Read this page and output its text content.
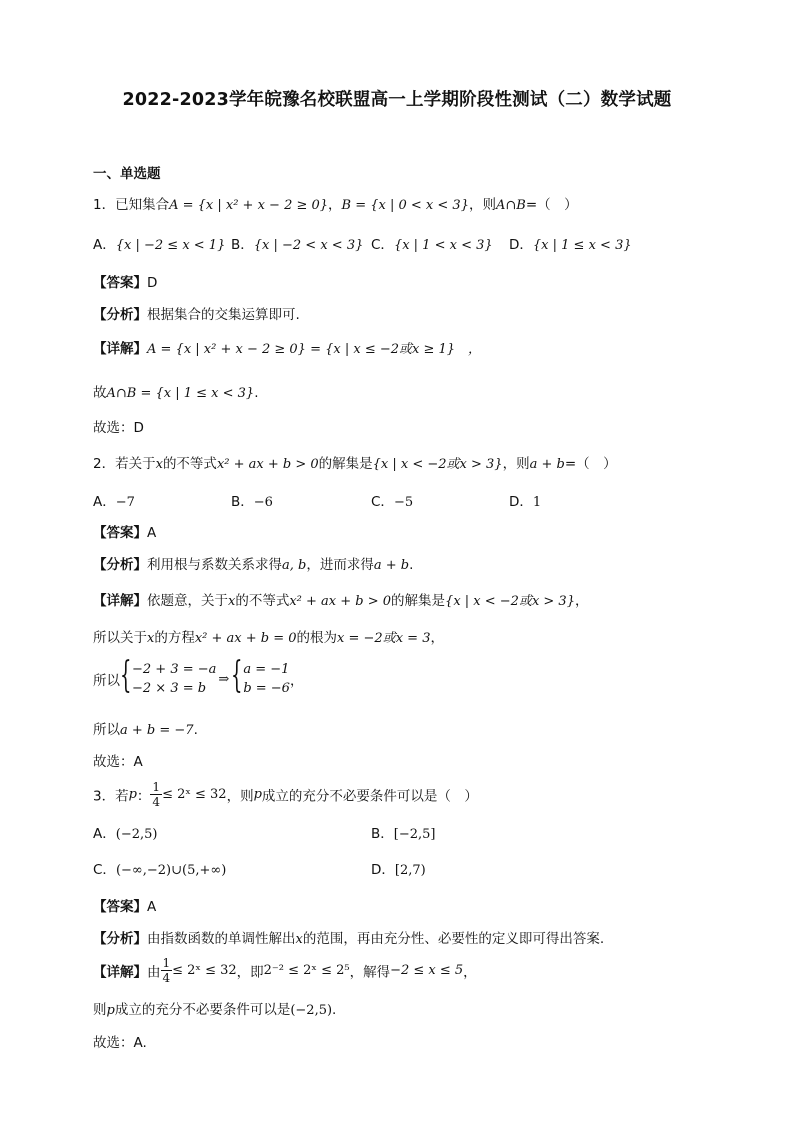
2022-2023学年皖豫名校联盟高一上学期阶段性测试（二）数学试题
一、单选题
1．已知集合A = {x | x² + x − 2 ≥ 0}，B = {x | 0 < x < 3}，则A∩B=（　）
A．{x | −2 ≤ x < 1} B．{x | −2 < x < 3} C．{x | 1 < x < 3} D．{x | 1 ≤ x < 3}
【答案】D
【分析】根据集合的交集运算即可.
【详解】A = {x | x² + x − 2 ≥ 0} = {x | x ≤ −2或x ≥ 1}　，
故A∩B = {x | 1 ≤ x < 3}.
故选：D
2．若关于x的不等式x² + ax + b > 0的解集是{x | x < −2或x > 3}，则a + b=（　）
A．−7	B．−6	C．−5	D．1
【答案】A
【分析】利用根与系数关系求得a, b，进而求得a + b.
【详解】依题意，关于x的不等式x² + ax + b > 0的解集是{x | x < −2或x > 3}，
所以关于x的方程x² + ax + b = 0的根为x = −2或x = 3，
所以 { −2 + 3 = −a
−2 × 3 = b
⇒ { a = −1
b = −6 ，
所以a + b = −7.
故选：A
3．若p： $\frac{1}{4}$ ≤ 2ˣ ≤ 32，则p成立的充分不必要条件可以是（　）
A．(−2,5)	B．[−2,5]
C．(−∞,−2)∪(5,+∞)	D．[2,7)
【答案】A
【分析】由指数函数的单调性解出x的范围，再由充分性、必要性的定义即可得出答案.
【详解】由 $\frac{1}{4}$ ≤ 2ˣ ≤ 32，即2⁻² ≤ 2ˣ ≤ 2⁵，解得−2 ≤ x ≤ 5，
则p成立的充分不必要条件可以是(−2,5).
故选：A.
